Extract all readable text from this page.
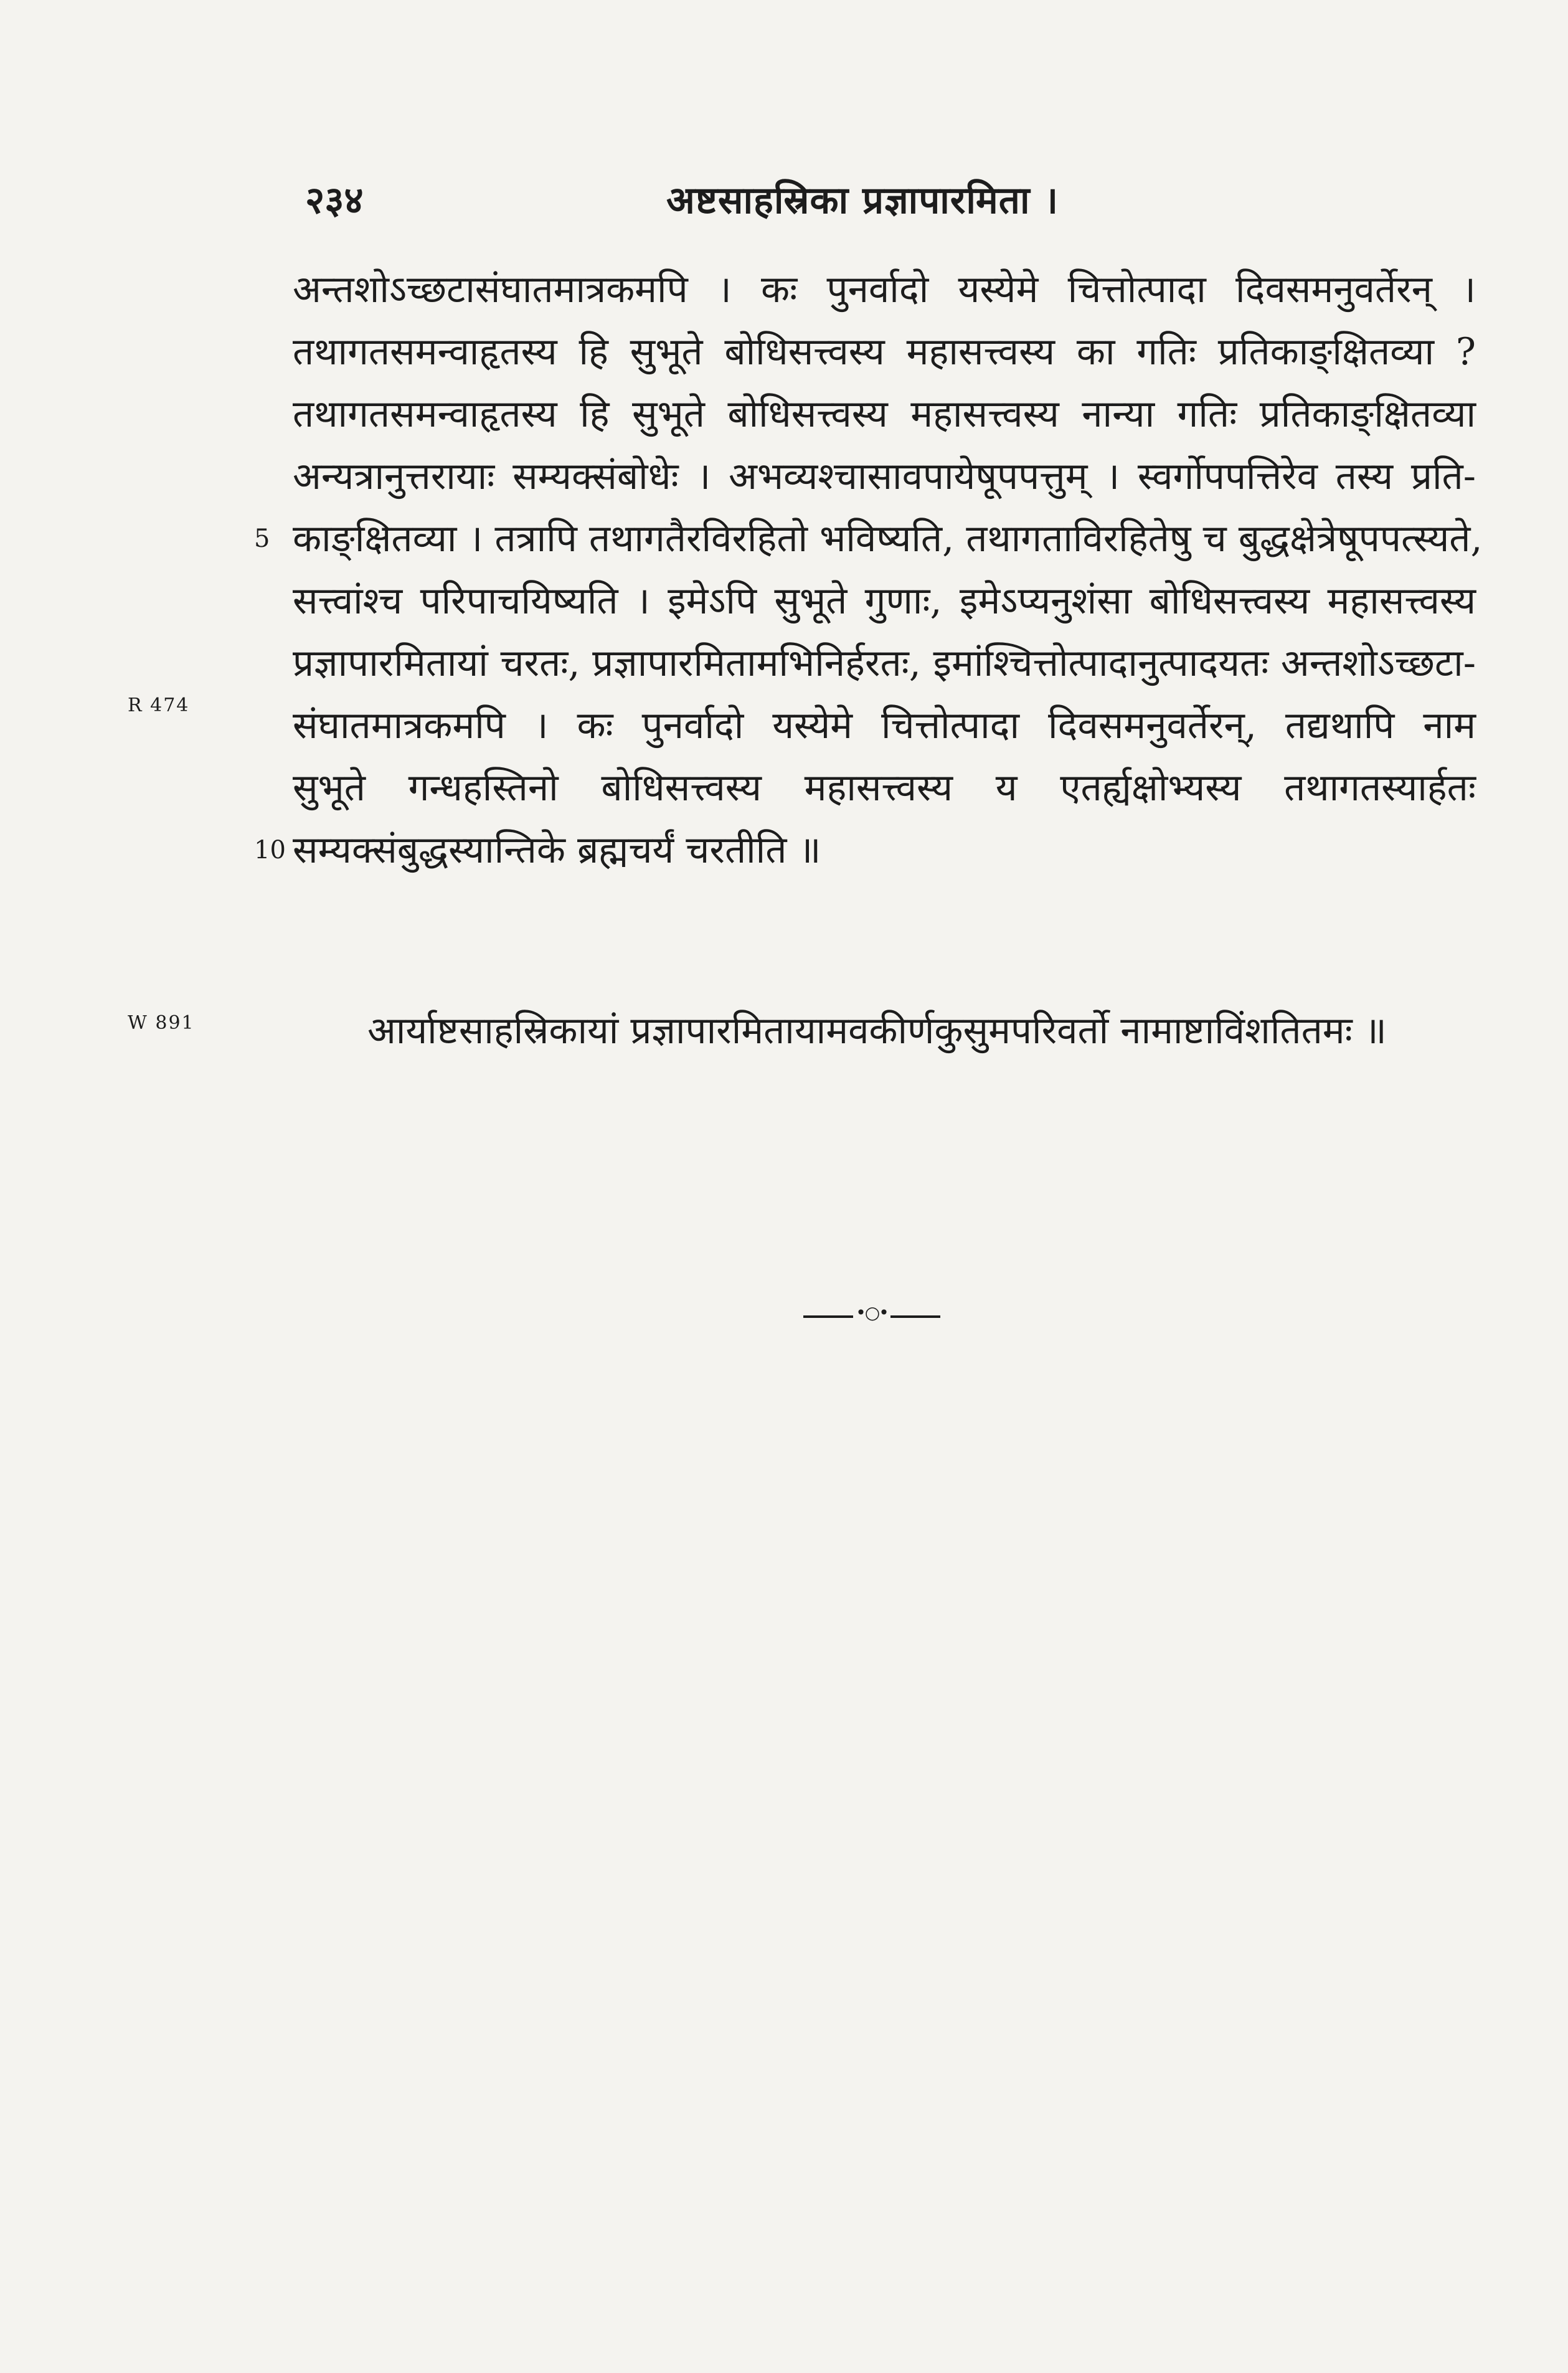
२३४	अष्टसाहस्रिका प्रज्ञापारमिता ।
अन्तशोऽच्छटासंघातमात्रकमपि । कः पुनर्वादो यस्येमे चित्तोत्पादा दिवसमनुवर्तेरन् ।
तथागतसमन्वाहृतस्य हि सुभूते बोधिसत्त्वस्य महासत्त्वस्य का गतिः प्रतिकाङ्क्षितव्या ?
तथागतसमन्वाहृतस्य हि सुभूते बोधिसत्त्वस्य महासत्त्वस्य नान्या गतिः प्रतिकाङ्क्षितव्या
अन्यत्रानुत्तरायाः सम्यक्संबोधेः । अभव्यश्चासावपायेषूपपत्तुम् । स्वर्गोपपत्तिरेव तस्य प्रति-
5 काङ्क्षितव्या । तत्रापि तथागतैरविरहितो भविष्यति, तथागताविरहितेषु च बुद्धक्षेत्रेषूपपत्स्यते,
सत्त्वांश्च परिपाचयिष्यति । इमेऽपि सुभूते गुणाः, इमेऽप्यनुशंसा बोधिसत्त्वस्य महासत्त्वस्य
प्रज्ञापारमितायां चरतः, प्रज्ञापारमितामभिनिर्हरतः, इमांश्चित्तोत्पादानुत्पादयतः अन्तशोऽच्छटा-
संघातमात्रकमपि । कः पुनर्वादो यस्येमे चित्तोत्पादा दिवसमनुवर्तेरन्, तद्यथापि नाम
सुभूते गन्धहस्तिनो बोधिसत्त्वस्य महासत्त्वस्य य एतर्ह्यक्षोभ्यस्य तथागतस्यार्हतः
10 सम्यक्संबुद्धस्यान्तिके ब्रह्मचर्यं चरतीति ॥
R 474
W 891	आर्याष्टसाहस्रिकायां प्रज्ञापारमितायामवकीर्णकुसुमपरिवर्तो नामाष्टाविंशतितमः ॥
•○•
